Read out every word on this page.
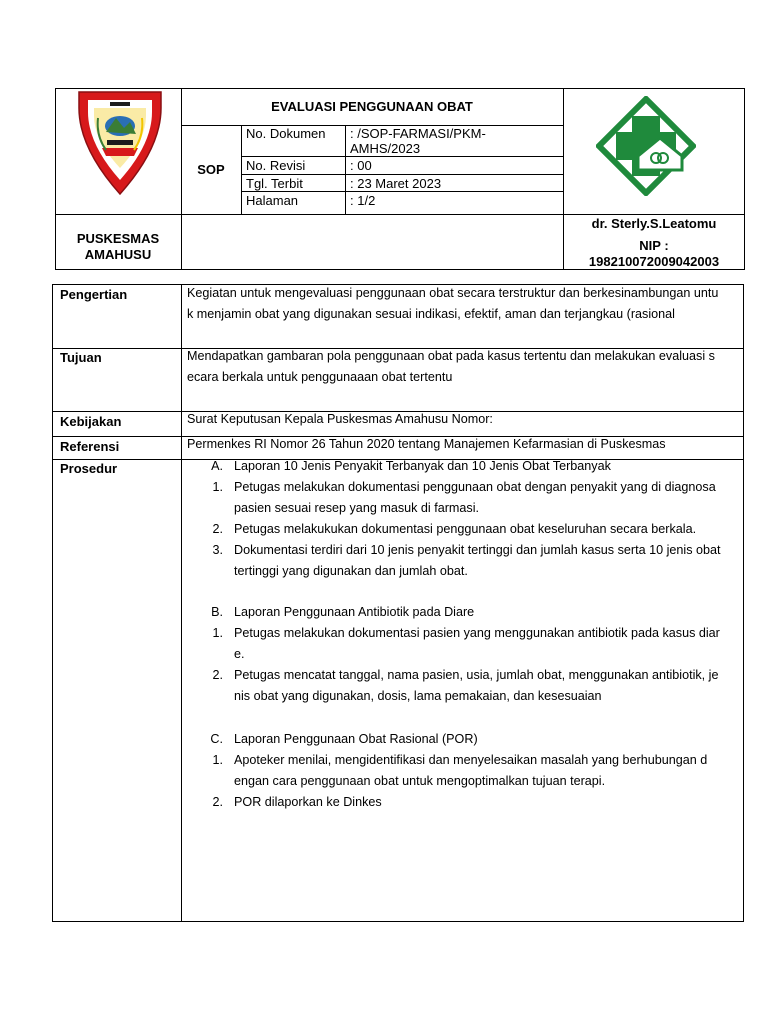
PUSKESMAS
AMAHUSU
EVALUASI PENGGUNAAN OBAT
SOP
No. Dokumen : /SOP-FARMASI/PKM-
AMHS/2023
No. Revisi	: 00
Tgl. Terbit	: 23 Maret 2023
Halaman	: 1/2
dr. Sterly.S.Leatomu
NIP :
198210072009042003
Pengertian	Kegiatan untuk mengevaluasi penggunaan obat secara terstruktur dan berkesinambungan untu
k menjamin obat yang digunakan sesuai indikasi, efektif, aman dan terjangkau (rasional
Tujuan	Mendapatkan gambaran pola penggunaan obat pada kasus tertentu dan melakukan evaluasi s
ecara berkala untuk penggunaaan obat tertentu
Kebijakan	Surat Keputusan Kepala Puskesmas Amahusu Nomor:
Referensi	Permenkes RI Nomor 26 Tahun 2020 tentang Manajemen Kefarmasian di Puskesmas
Prosedur	A. Laporan 10 Jenis Penyakit Terbanyak dan 10 Jenis Obat Terbanyak
1. Petugas melakukan dokumentasi penggunaan obat dengan penyakit yang di diagnosa
pasien sesuai resep yang masuk di farmasi.
2. Petugas melakukukan dokumentasi penggunaan obat keseluruhan secara berkala.
3. Dokumentasi terdiri dari 10 jenis penyakit tertinggi dan jumlah kasus serta 10 jenis obat
tertinggi yang digunakan dan jumlah obat.
B. Laporan Penggunaan Antibiotik pada Diare
1. Petugas melakukan dokumentasi pasien yang menggunakan antibiotik pada kasus diar
e.
2. Petugas mencatat tanggal, nama pasien, usia, jumlah obat, menggunakan antibiotik, je
nis obat yang digunakan, dosis, lama pemakaian, dan kesesuaian
C. Laporan Penggunaan Obat Rasional (POR)
1. Apoteker menilai, mengidentifikasi dan menyelesaikan masalah yang berhubungan d
engan cara penggunaan obat untuk mengoptimalkan tujuan terapi.
2. POR dilaporkan ke Dinkes
